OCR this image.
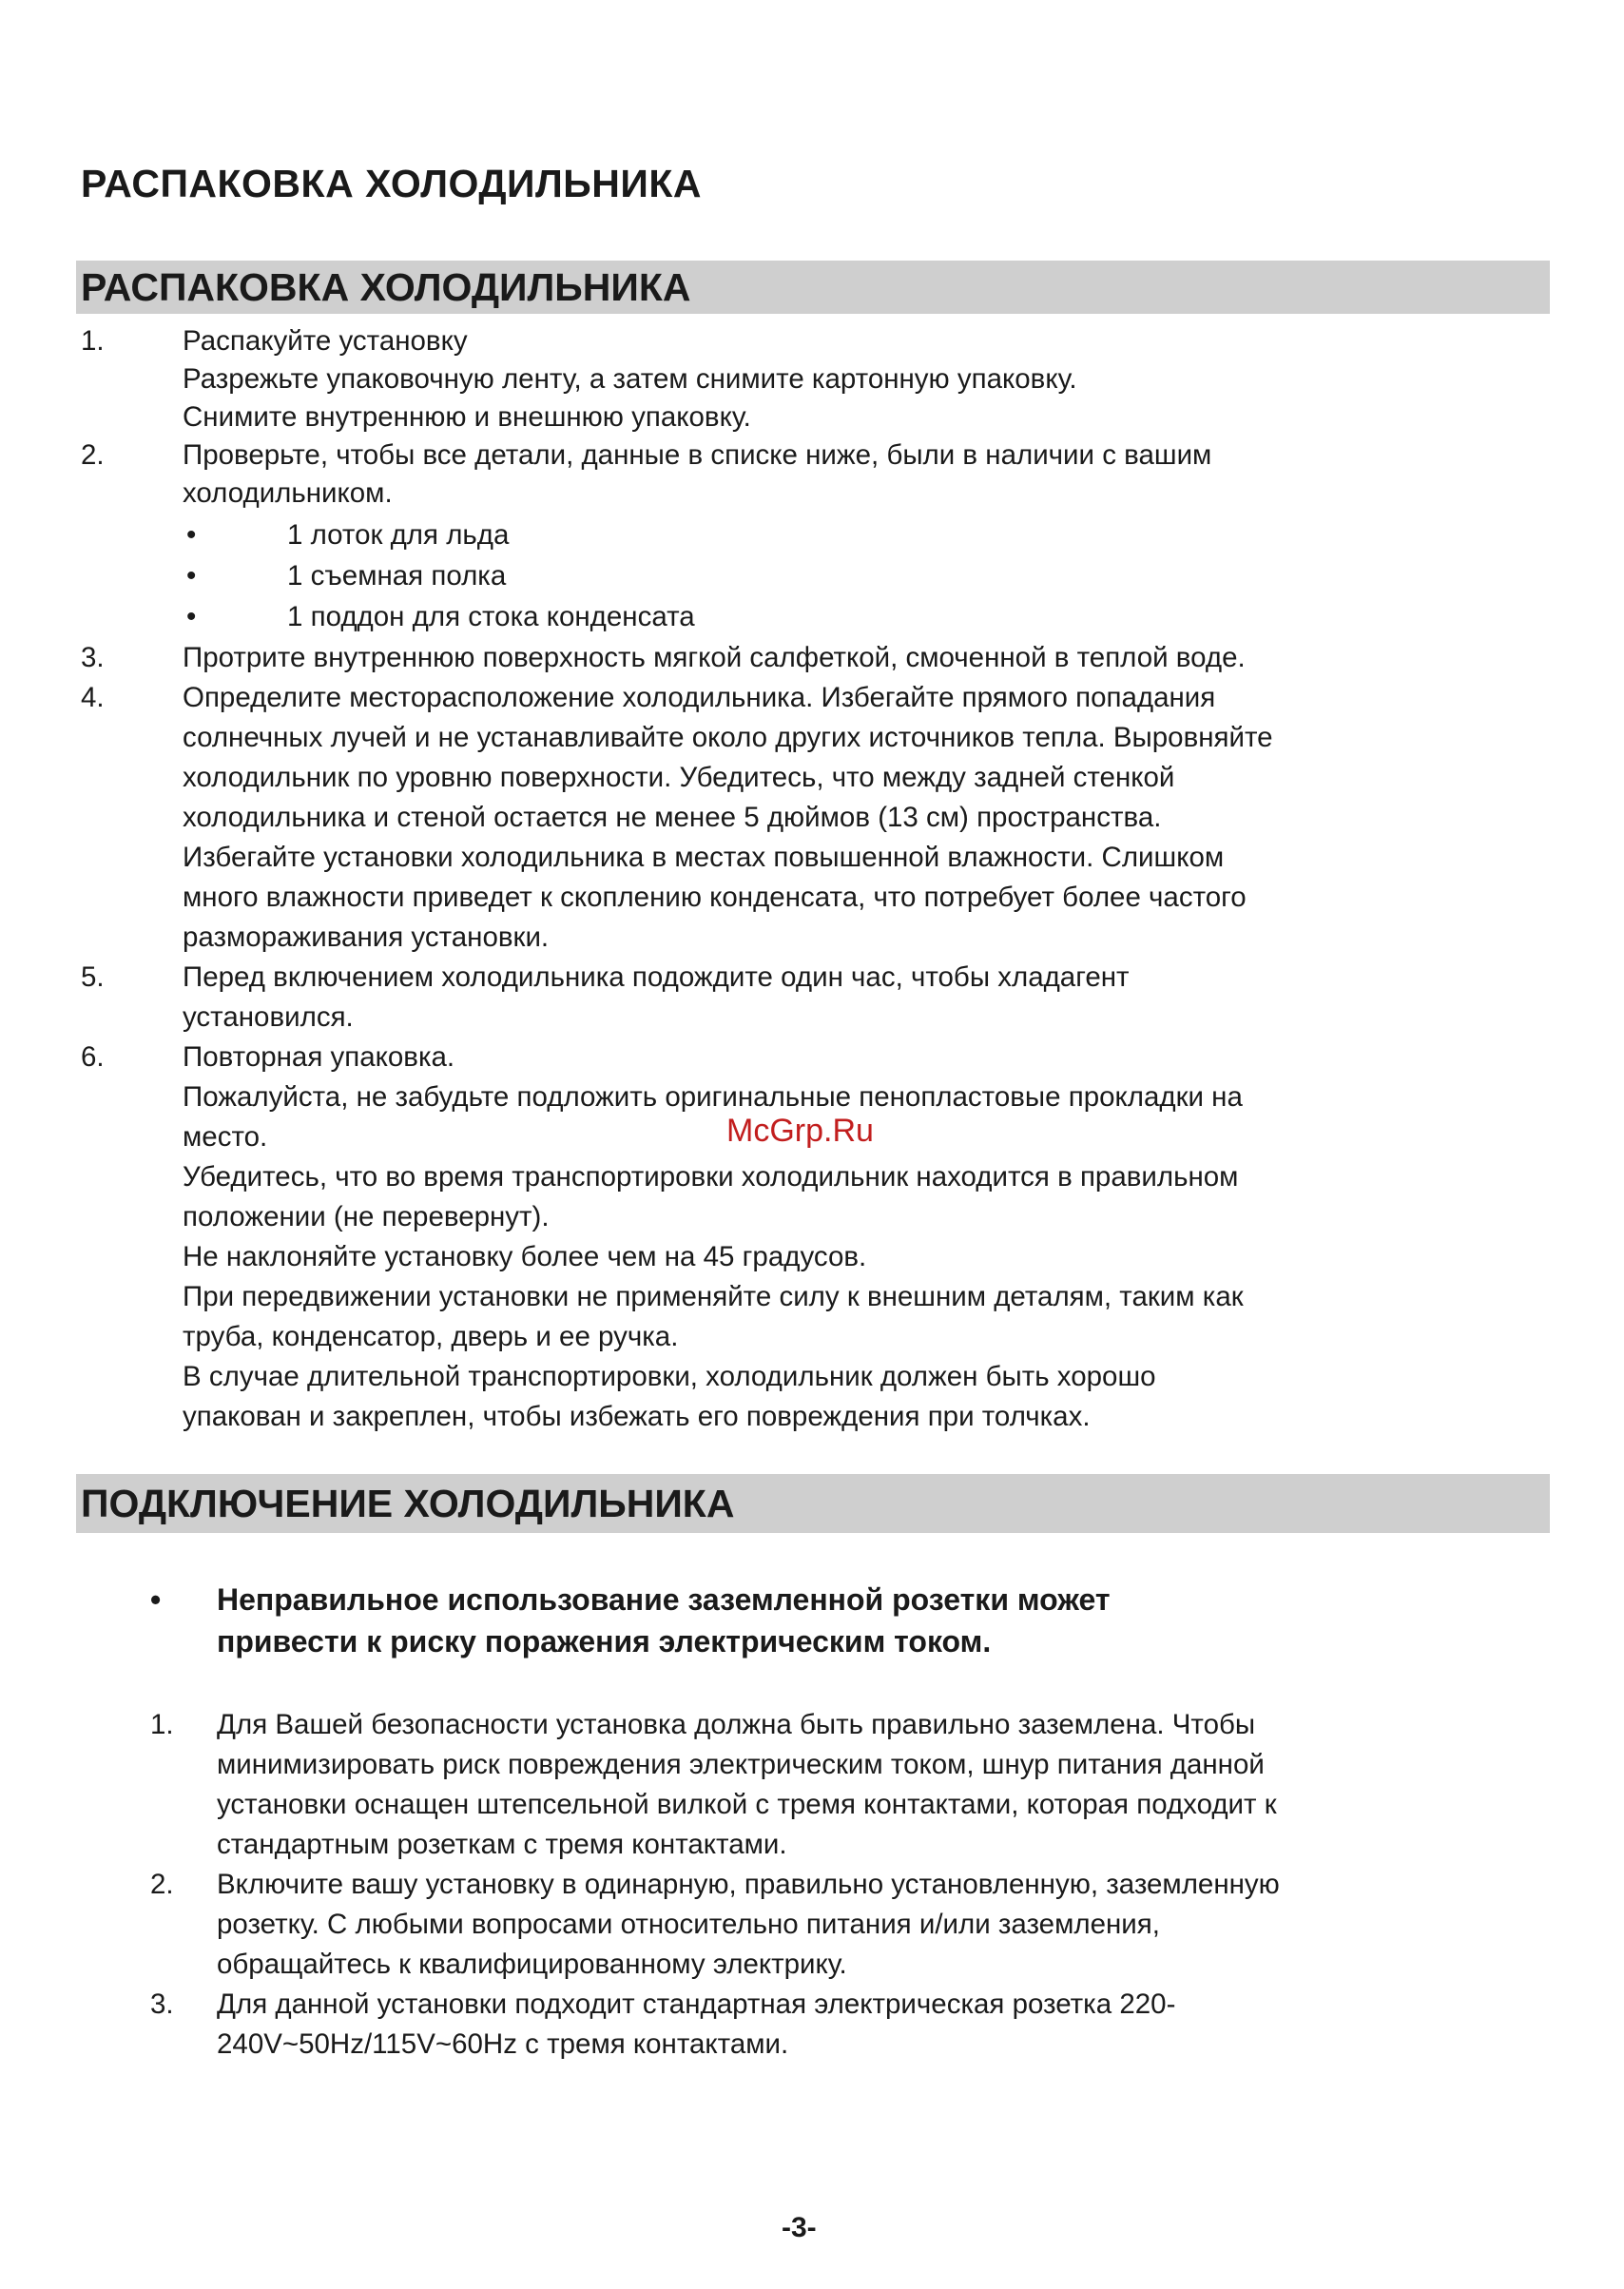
РАСПАКОВКА ХОЛОДИЛЬНИКА
РАСПАКОВКА ХОЛОДИЛЬНИКА
1.	Распакуйте установку
Разрежьте упаковочную ленту, а затем снимите картонную упаковку.
Снимите внутреннюю и внешнюю упаковку.
2.	Проверьте, чтобы все детали, данные в списке ниже, были в наличии с вашим
холодильником.
•	1 лоток для льда
•	1 съемная полка
•	1 поддон для стока конденсата
3.	Протрите внутреннюю поверхность мягкой салфеткой, смоченной в теплой воде.
4.	Определите месторасположение холодильника. Избегайте прямого попадания
солнечных лучей и не устанавливайте около других источников тепла. Выровняйте
холодильник по уровню поверхности. Убедитесь, что между задней стенкой
холодильника и стеной остается не менее 5 дюймов (13 см) пространства.
Избегайте установки холодильника в местах повышенной влажности. Слишком
много влажности приведет к скоплению конденсата, что потребует более частого
размораживания установки.
5.	Перед включением холодильника подождите один час, чтобы хладагент
установился.
6.	Повторная упаковка.
Пожалуйста, не забудьте подложить оригинальные пенопластовые прокладки на
место.
Убедитесь, что во время транспортировки холодильник находится в правильном
положении (не перевернут).
Не наклоняйте установку более чем на 45 градусов.
При передвижении установки не применяйте силу к внешним деталям, таким как
труба, конденсатор, дверь и ее ручка.
В случае длительной транспортировки, холодильник должен быть хорошо
упакован и закреплен, чтобы избежать его повреждения при толчках.
McGrp.Ru
ПОДКЛЮЧЕНИЕ ХОЛОДИЛЬНИКА
• Неправильное использование заземленной розетки может
привести к риску поражения электрическим током.
1. Для Вашей безопасности установка должна быть правильно заземлена. Чтобы
минимизировать риск повреждения электрическим током, шнур питания данной
установки оснащен штепсельной вилкой с тремя контактами, которая подходит к
стандартным розеткам с тремя контактами.
2. Включите вашу установку в одинарную, правильно установленную, заземленную
розетку. С любыми вопросами относительно питания и/или заземления,
обращайтесь к квалифицированному электрику.
3. Для данной установки подходит стандартная электрическая розетка 220-
240V~50Hz/115V~60Hz с тремя контактами.
-3-
